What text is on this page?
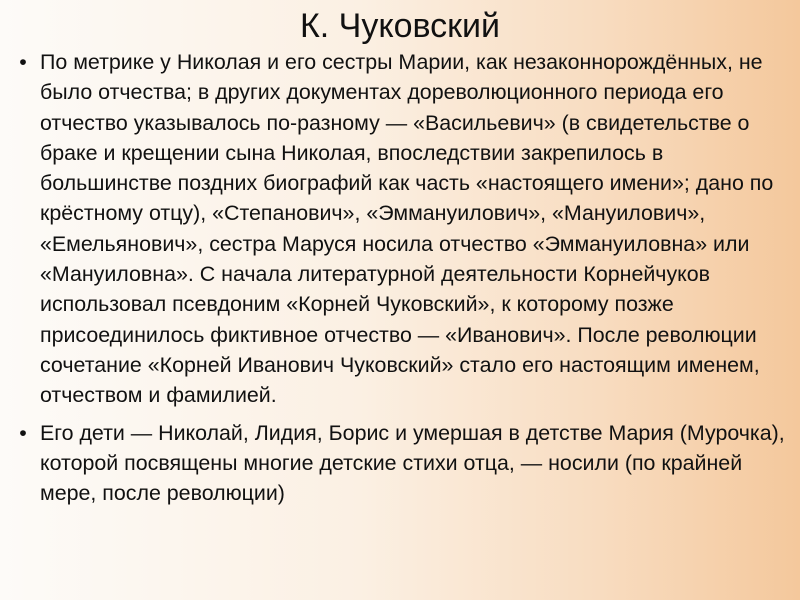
К. Чуковский
• По метрике у Николая и его сестры Марии, как незаконнорождённых, не было отчества; в других документах дореволюционного периода его отчество указывалось по-разному — «Васильевич» (в свидетельстве о браке и крещении сына Николая, впоследствии закрепилось в большинстве поздних биографий как часть «настоящего имени»; дано по крёстному отцу), «Степанович», «Эммануилович», «Мануилович», «Емельянович», сестра Маруся носила отчество «Эммануиловна» или «Мануиловна». С начала литературной деятельности Корнейчуков использовал псевдоним «Корней Чуковский», к которому позже присоединилось фиктивное отчество — «Иванович». После революции сочетание «Корней Иванович Чуковский» стало его настоящим именем, отчеством и фамилией.
• Его дети — Николай, Лидия, Борис и умершая в детстве Мария (Мурочка), которой посвящены многие детские стихи отца, — носили (по крайней мере, после революции)
